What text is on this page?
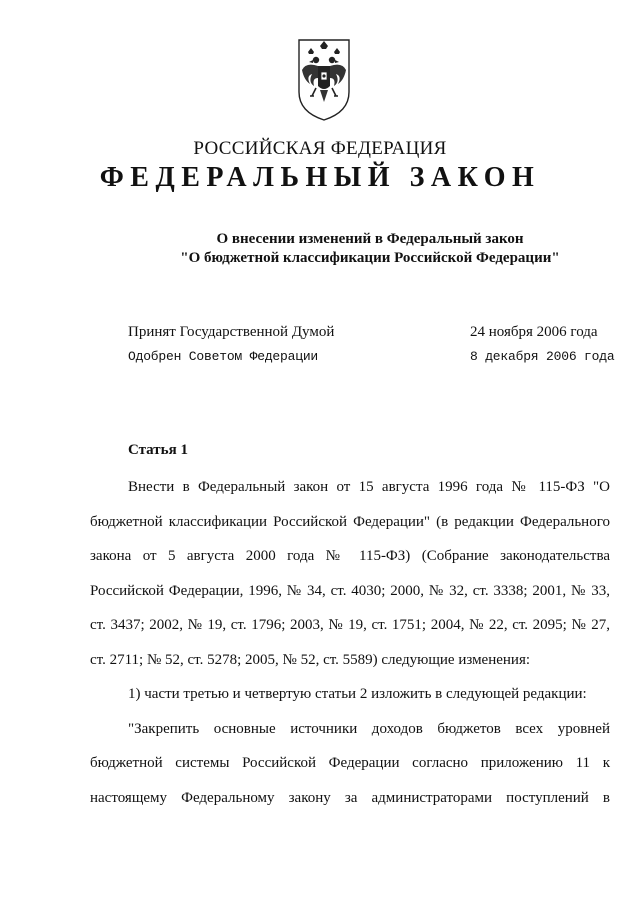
РОССИЙСКАЯ ФЕДЕРАЦИЯ
ФЕДЕРАЛЬНЫЙ ЗАКОН
О внесении изменений в Федеральный закон
"О бюджетной классификации Российской Федерации"
Принят Государственной Думой	24 ноября 2006 года
Одобрен Советом Федерации	8 декабря 2006 года
Статья 1
Внести в Федеральный закон от 15 августа 1996 года № 115-ФЗ "О
бюджетной классификации Российской Федерации" (в редакции Федерального
закона от 5 августа 2000 года № 115-ФЗ) (Собрание законодательства
Российской Федерации, 1996, № 34, ст. 4030; 2000, № 32, ст. 3338; 2001, № 33,
ст. 3437; 2002, № 19, ст. 1796; 2003, № 19, ст. 1751; 2004, № 22, ст. 2095; № 27,
ст. 2711; № 52, ст. 5278; 2005, № 52, ст. 5589) следующие изменения:
1) части третью и четвертую статьи 2 изложить в следующей редакции:
"Закрепить основные источники доходов бюджетов всех уровней
бюджетной системы Российской Федерации согласно приложению 11 к
настоящему Федеральному закону за администраторами поступлений в
